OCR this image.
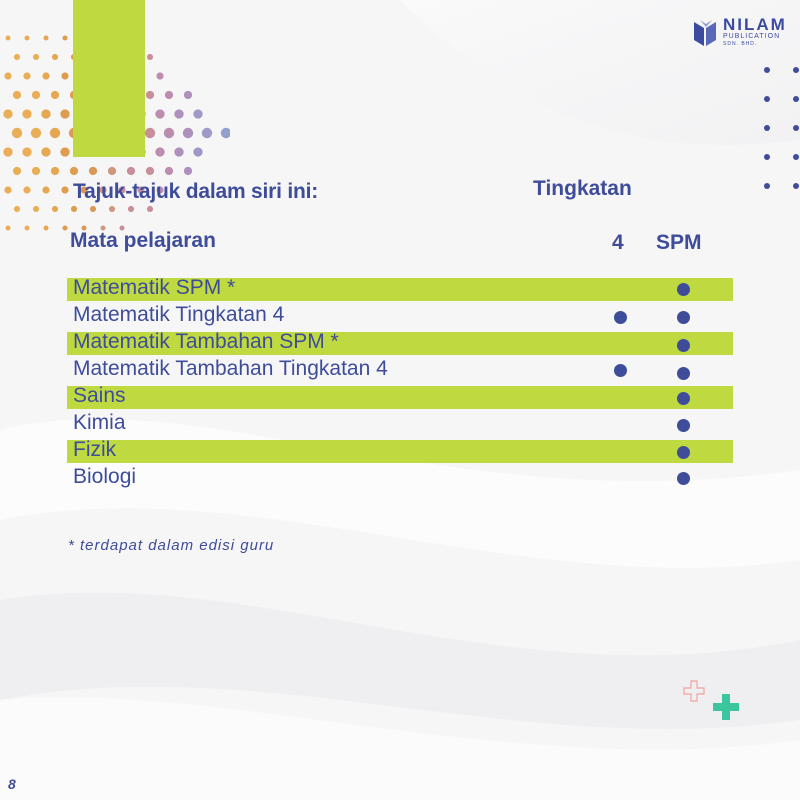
NILAM
PUBLICATION
SDN. BHD.
Tajuk-tajuk dalam siri ini:	Tingkatan
Mata pelajaran	4 SPM
Matematik SPM *
Matematik Tingkatan 4
Matematik Tambahan SPM *
Matematik Tambahan Tingkatan 4
Sains
Kimia
Fizik
Biologi
* terdapat dalam edisi guru
8
